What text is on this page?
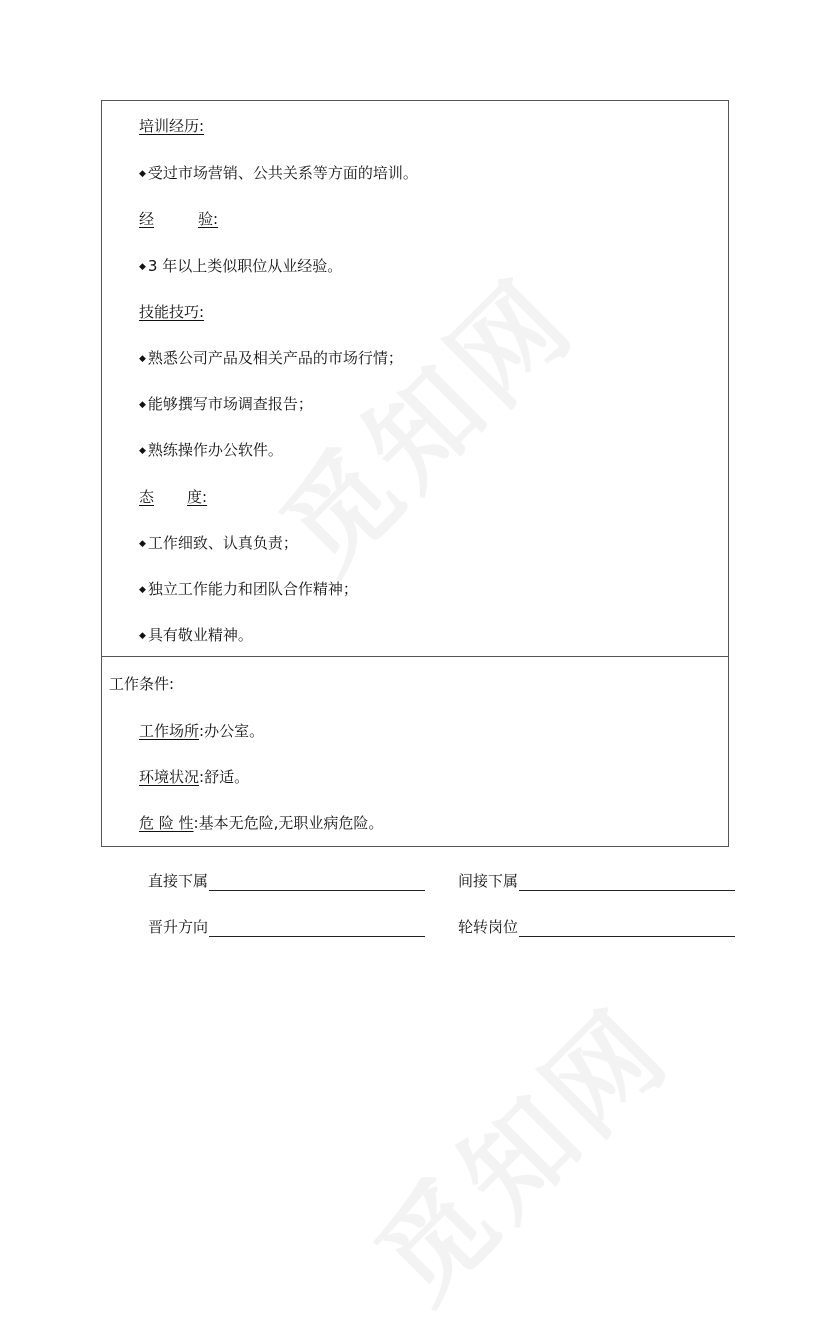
培训经历:
◆ 受过市场营销、公共关系等方面的培训。
经	验:
◆ 3 年以上类似职位从业经验。
技能技巧:
◆ 熟悉公司产品及相关产品的市场行情；
◆ 能够撰写市场调查报告；
◆ 熟练操作办公软件。
态 度:
◆ 工作细致、认真负责；
◆ 独立工作能力和团队合作精神；
◆ 具有敬业精神。
工作条件:
工作场所:办公室。
环境状况:舒适。
危 险 性:基本无危险,无职业病危险。
直接下属	间接下属
晋升方向	轮转岗位
